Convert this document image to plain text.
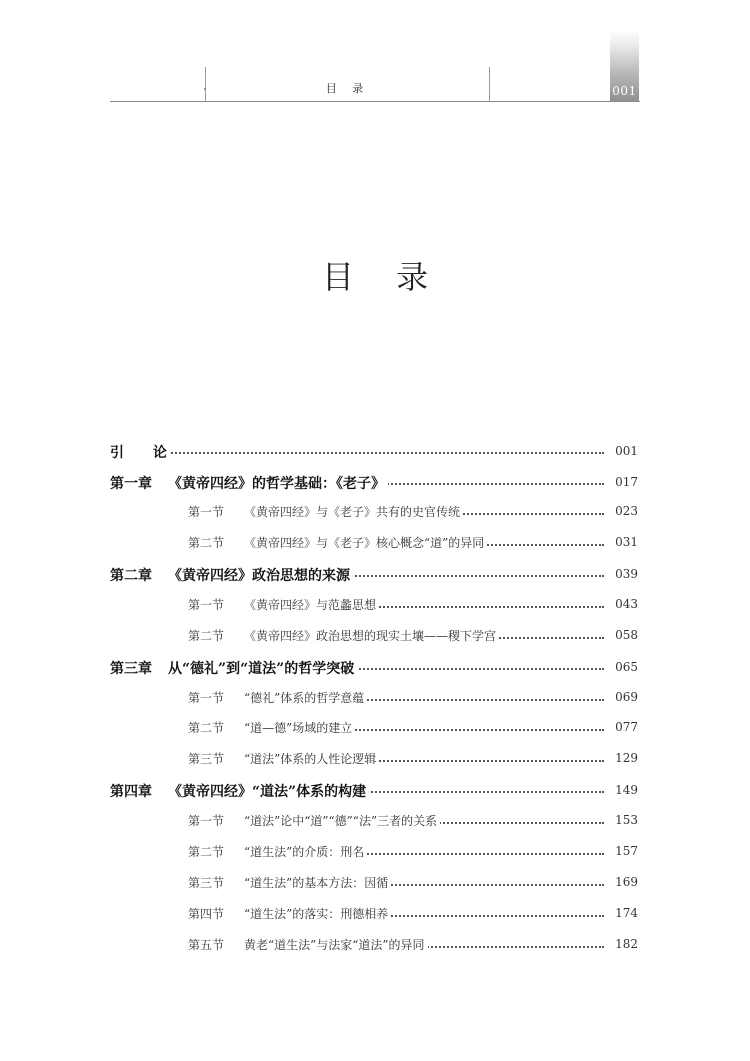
目 录	001
目 录
引 论	001
第一章 《黄帝四经》的哲学基础：《老子》	017
第一节 《黄帝四经》与《老子》共有的史官传统	023
第二节 《黄帝四经》与《老子》核心概念“道”的异同	031
第二章 《黄帝四经》政治思想的来源	039
第一节 《黄帝四经》与范蠡思想	043
第二节 《黄帝四经》政治思想的现实土壤——稷下学宫	058
第三章 从“德礼”到“道法”的哲学突破	065
第一节 “德礼”体系的哲学意蕴	069
第二节 “道—德”场域的建立	077
第三节 “道法”体系的人性论逻辑	129
第四章 《黄帝四经》“道法”体系的构建	149
第一节 “道法”论中“道”“德”“法”三者的关系	153
第二节 “道生法”的介质：刑名	157
第三节 “道生法”的基本方法：因循	169
第四节 “道生法”的落实：刑德相养	174
第五节 黄老“道生法”与法家“道法”的异同	182
